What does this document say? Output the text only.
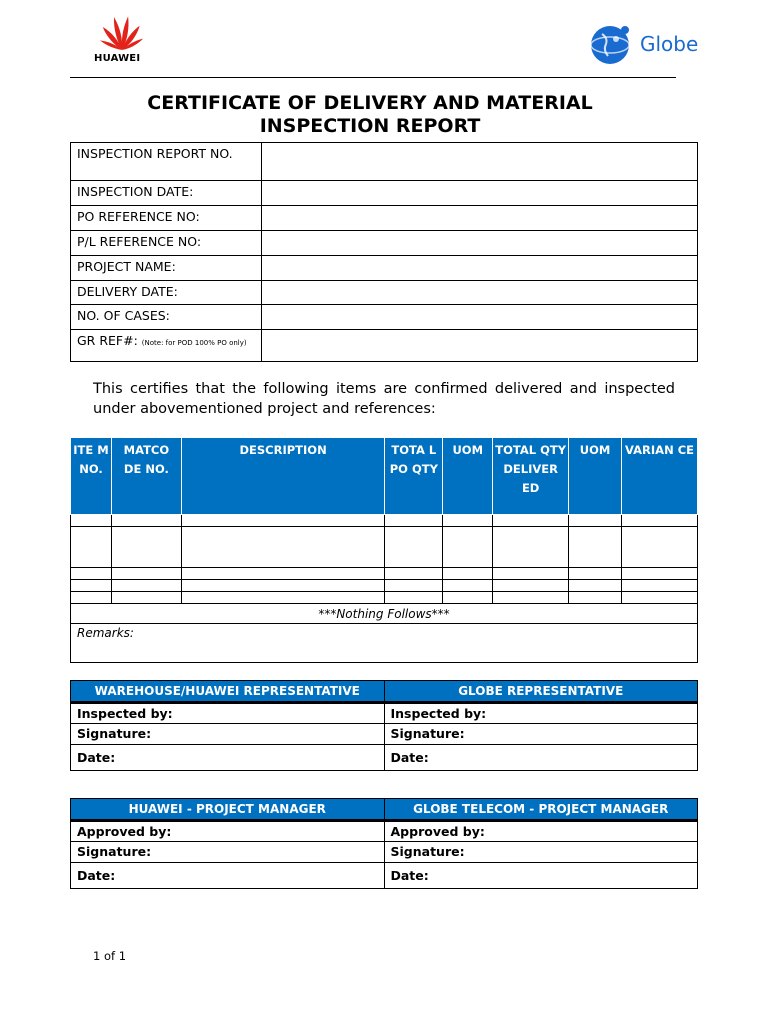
HUAWEI
Globe
CERTIFICATE OF DELIVERY AND MATERIAL
INSPECTION REPORT
INSPECTION REPORT NO.	
INSPECTION DATE:	
PO REFERENCE NO:	
P/L REFERENCE NO:	
PROJECT NAME:	
DELIVERY DATE:	
NO. OF CASES:	
GR REF#: (Note: for POD 100% PO only)	

This certifies that the following items are confirmed delivered and inspected under abovementioned project and references:

ITE M NO.	MATCO DE NO.	DESCRIPTION	TOTA L PO QTY	UOM	TOTAL QTY DELIVER ED	UOM	VARIAN CE

***Nothing Follows***							
Remarks:							
WAREHOUSE/HUAWEI REPRESENTATIVE	GLOBE REPRESENTATIVE
Inspected by:	Inspected by:
Signature:	Signature:
Date:	Date:
HUAWEI - PROJECT MANAGER	GLOBE TELECOM - PROJECT MANAGER
Approved by:	Approved by:
Signature:	Signature:
Date:	Date:
1 of 1
